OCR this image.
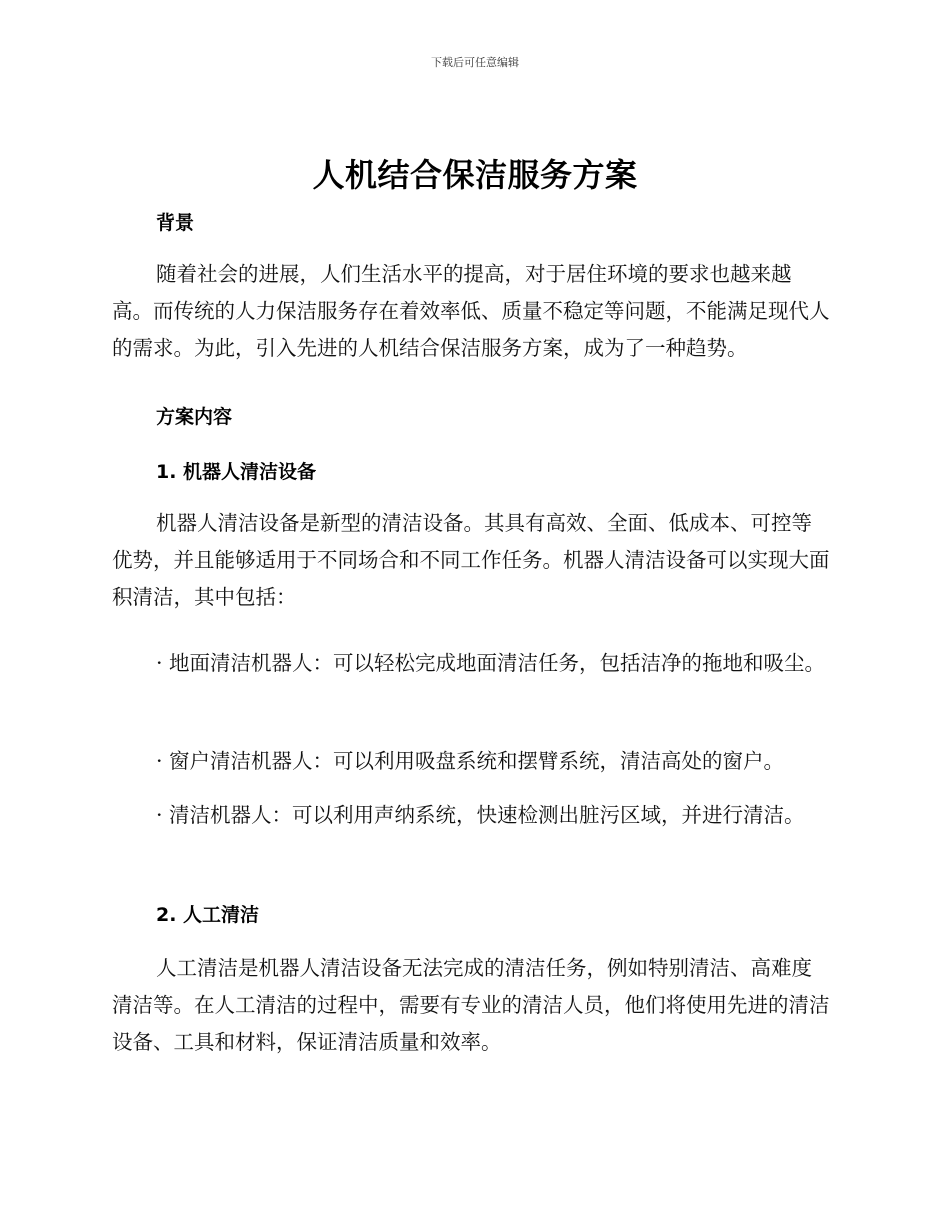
下载后可任意编辑
人机结合保洁服务方案
背景

随着社会的进展，人们生活水平的提高，对于居住环境的要求也越来越高。而传统的人力保洁服务存在着效率低、质量不稳定等问题，不能满足现代人的需求。为此，引入先进的人机结合保洁服务方案，成为了一种趋势。

方案内容
1. 机器人清洁设备

机器人清洁设备是新型的清洁设备。其具有高效、全面、低成本、可控等优势，并且能够适用于不同场合和不同工作任务。机器人清洁设备可以实现大面积清洁，其中包括：

· 地面清洁机器人：可以轻松完成地面清洁任务，包括洁净的拖地和吸尘。

· 窗户清洁机器人：可以利用吸盘系统和摆臂系统，清洁高处的窗户。

· 清洁机器人：可以利用声纳系统，快速检测出脏污区域，并进行清洁。

2. 人工清洁

人工清洁是机器人清洁设备无法完成的清洁任务，例如特别清洁、高难度清洁等。在人工清洁的过程中，需要有专业的清洁人员，他们将使用先进的清洁设备、工具和材料，保证清洁质量和效率。
